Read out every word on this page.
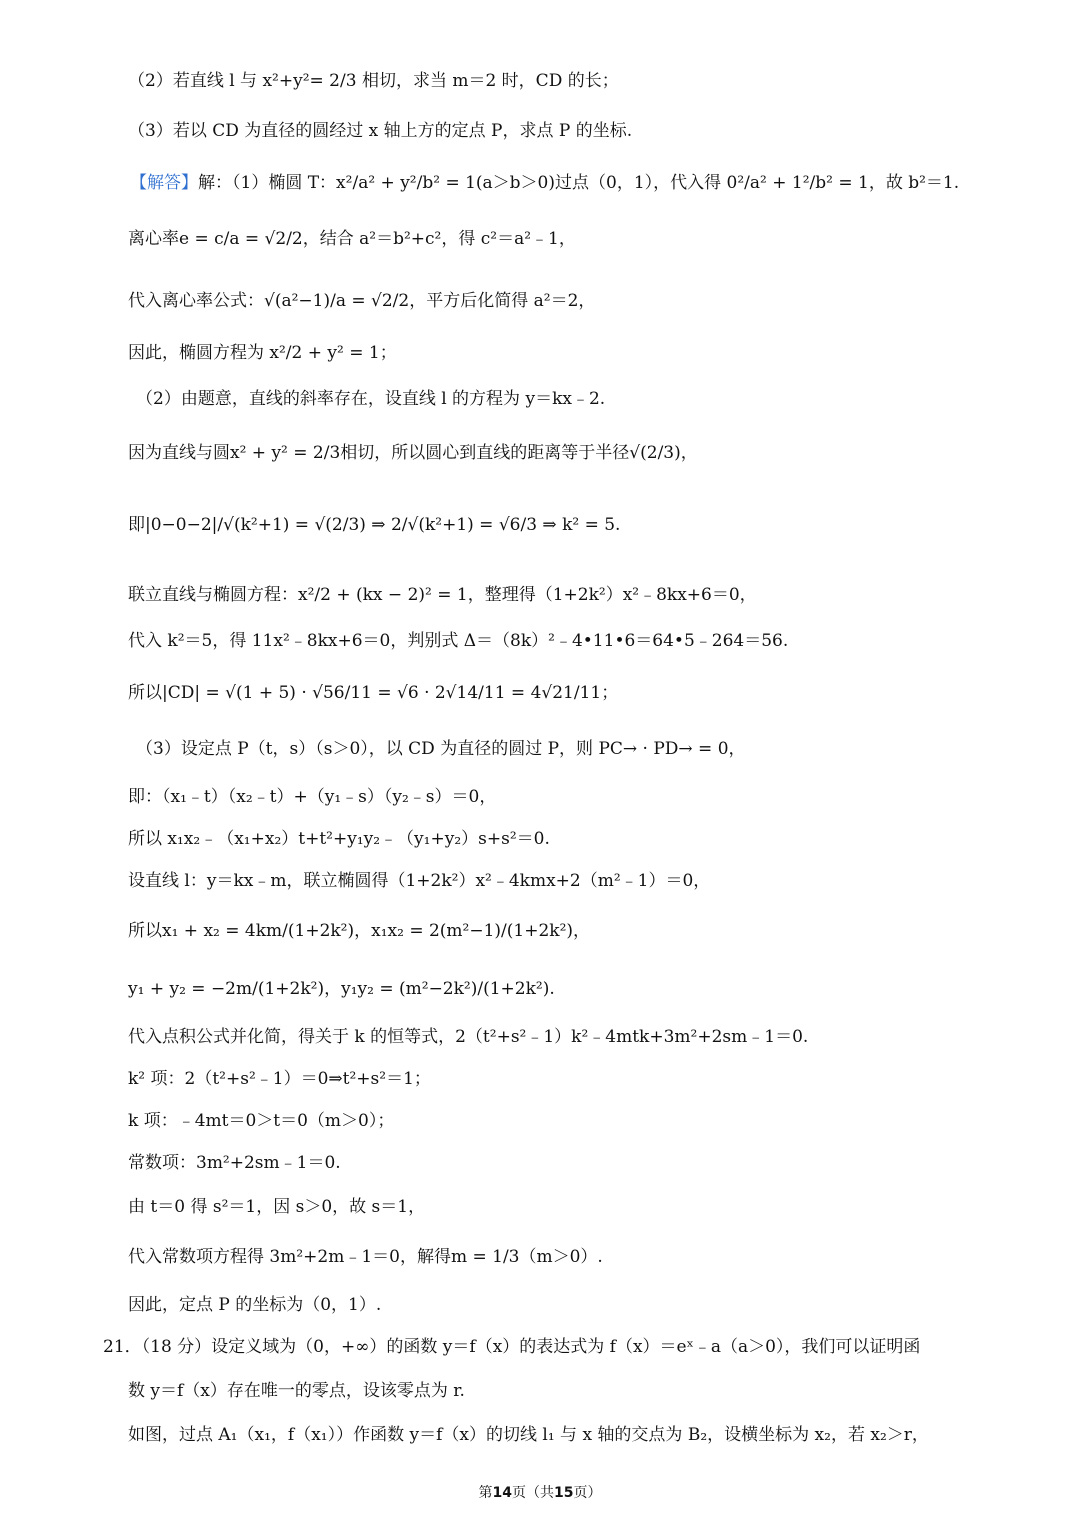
（2）若直线 l 与 x²+y²= 2/3 相切，求当 m＝2 时，CD 的长；
（3）若以 CD 为直径的圆经过 x 轴上方的定点 P，求点 P 的坐标.
【解答】解：（1）椭圆 T：x²/a² + y²/b² = 1(a＞b＞0)过点（0，1），代入得 0²/a² + 1²/b² = 1，故 b²＝1.
离心率e = c/a = √2/2，结合 a²＝b²+c²，得 c²＝a²﹣1，
代入离心率公式：√(a²−1)/a = √2/2，平方后化简得 a²＝2，
因此，椭圆方程为 x²/2 + y² = 1；
（2）由题意，直线的斜率存在，设直线 l 的方程为 y＝kx﹣2.
因为直线与圆x² + y² = 2/3相切，所以圆心到直线的距离等于半径√(2/3)，
即|0−0−2|/√(k²+1) = √(2/3) ⇒ 2/√(k²+1) = √6/3 ⇒ k² = 5.
联立直线与椭圆方程：x²/2 + (kx − 2)² = 1，整理得（1+2k²）x²﹣8kx+6＝0，
代入 k²＝5，得 11x²﹣8kx+6＝0，判别式 Δ＝（8k）²﹣4•11•6＝64•5﹣264＝56.
所以|CD| = √(1 + 5) · √56/11 = √6 · 2√14/11 = 4√21/11；
（3）设定点 P（t，s）（s＞0），以 CD 为直径的圆过 P，则 PC→ · PD→ = 0，
即：（x₁﹣t）（x₂﹣t）+（y₁﹣s）（y₂﹣s）＝0，
所以 x₁x₂﹣（x₁+x₂）t+t²+y₁y₂﹣（y₁+y₂）s+s²＝0.
设直线 l：y＝kx﹣m，联立椭圆得（1+2k²）x²﹣4kmx+2（m²﹣1）＝0，
所以x₁ + x₂ = 4km/(1+2k²)，x₁x₂ = 2(m²−1)/(1+2k²)，
y₁ + y₂ = −2m/(1+2k²)，y₁y₂ = (m²−2k²)/(1+2k²).
代入点积公式并化简，得关于 k 的恒等式，2（t²+s²﹣1）k²﹣4mtk+3m²+2sm﹣1＝0.
k² 项：2（t²+s²﹣1）＝0⇒t²+s²＝1；
k 项：﹣4mt＝0＞t＝0（m＞0）；
常数项：3m²+2sm﹣1＝0.
由 t＝0 得 s²＝1，因 s＞0，故 s＝1，
代入常数项方程得 3m²+2m﹣1＝0，解得m = 1/3（m＞0）.
因此，定点 P 的坐标为（0，1）.
21．（18 分）设定义域为（0，+∞）的函数 y＝f（x）的表达式为 f（x）＝eˣ﹣a（a＞0），我们可以证明函
数 y＝f（x）存在唯一的零点，设该零点为 r.
如图，过点 A₁（x₁，f（x₁））作函数 y＝f（x）的切线 l₁ 与 x 轴的交点为 B₂，设横坐标为 x₂，若 x₂＞r，
第14页（共15页）
